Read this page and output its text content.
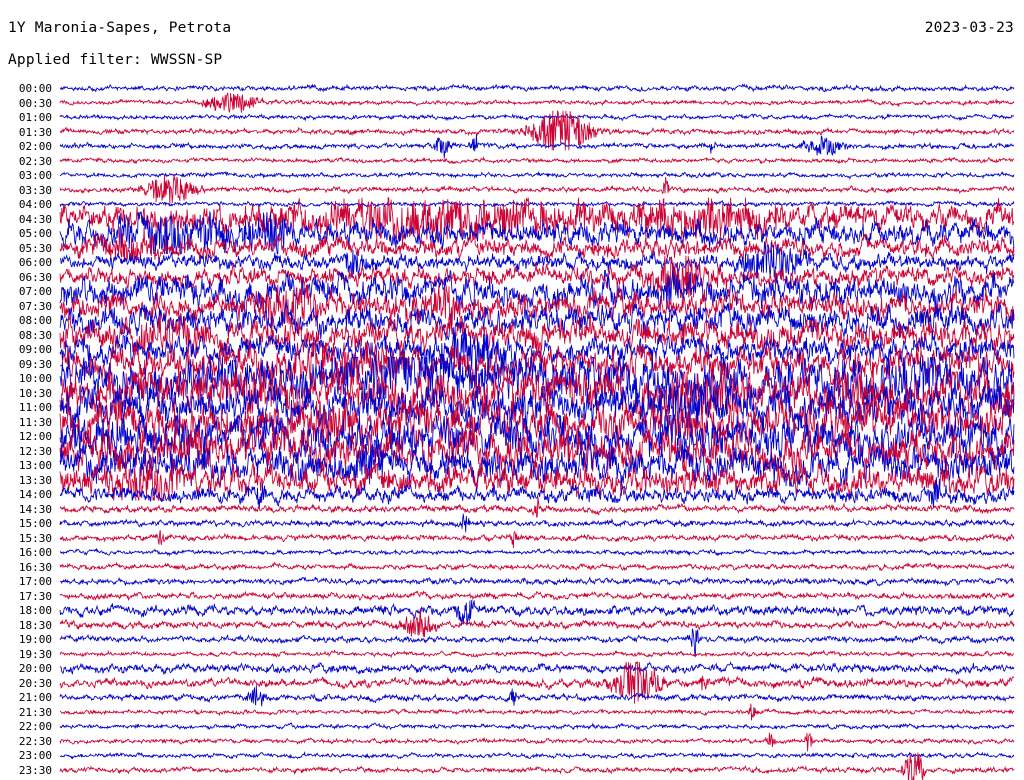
1Y Maronia-Sapes, Petrota	2023-03-23
Applied filter: WWSSN-SP
00:00
00:30
01:00
01:30
02:00
02:30
03:00
03:30
04:00
04:30
05:00
05:30
06:00
06:30
07:00
07:30
08:00
08:30
09:00
09:30
10:00
10:30
11:00
11:30
12:00
12:30
13:00
13:30
14:00
14:30
15:00
15:30
16:00
16:30
17:00
17:30
18:00
18:30
19:00
19:30
20:00
20:30
21:00
21:30
22:00
22:30
23:00
23:30
